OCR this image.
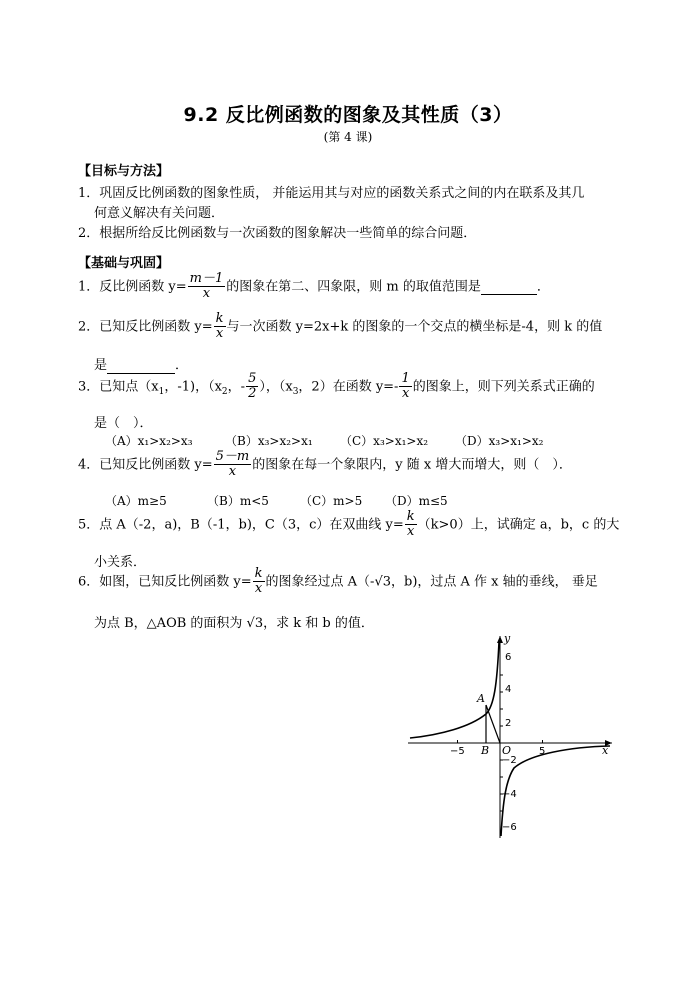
9.2 反比例函数的图象及其性质（3）
(第 4 课)
【目标与方法】
1．巩固反比例函数的图象性质， 并能运用其与对应的函数关系式之间的内在联系及其几
何意义解决有关问题．
2．根据所给反比例函数与一次函数的图象解决一些简单的综合问题．
【基础与巩固】
1．反比例函数 $y= \frac{m-1}{x}$ 的图象在第二、四象限，则 m 的取值范围是	．
2．已知反比例函数 $y= \frac{k}{x}$ 与一次函数 y=2x+k 的图象的一个交点的横坐标是-4，则 k 的值
是	．
3．已知点（$x_1$，-1)，（$x_2$，- $\frac{5}{2}$ ），（$x_3$，2）在函数 $y=- \frac{1}{x}$ 的图象上，则下列关系式正确的
是（　）．
（A）x₁>x₂>x₃	（B）x₃>x₂>x₁ （C）x₃>x₁>x₂ （D）x₃>x₁>x₂
4．已知反比例函数 $y= \frac{5-m}{x}$ 的图象在每一个象限内，y 随 x 增大而增大，则（　）．
（A）m≥5	（B）m<5	（C）m>5 （D）m≤5
5．点 A（-2，a)，B（-1，b)，C（3，c）在双曲线 $y= \frac{k}{x} (k>0)$上，试确定 a，b，c 的大
小关系．
6．如图，已知反比例函数 $y= \frac{k}{x}$ 的图象经过点 A（-√3，b)，过点 A 作 x 轴的垂线， 垂足
为点 B，△AOB 的面积为 √3，求 k 和 b 的值．
x
y
−5	5
6
4
2
−2
−4
−6
A
B O
